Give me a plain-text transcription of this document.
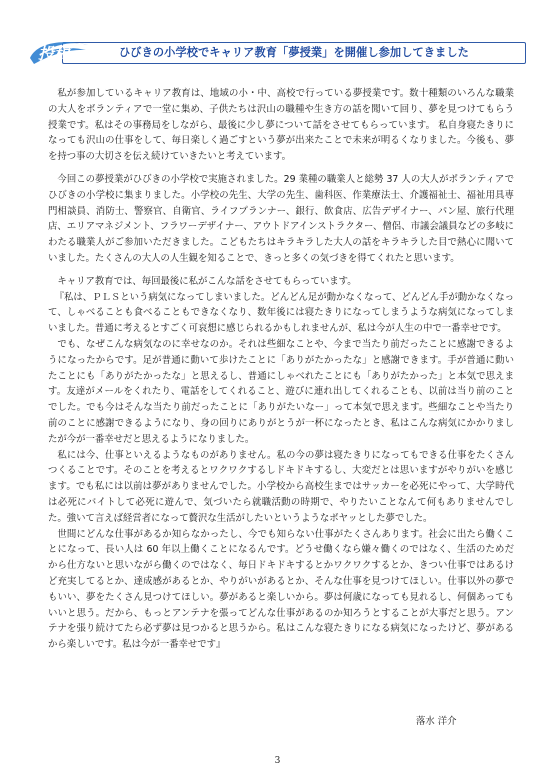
ひびきの小学校でキャリア教育「夢授業」を開催し参加してきました
投稿

私が参加しているキャリア教育は、地域の小・中、高校で行っている夢授業です。数十種類のいろんな職業の大人をボランティアで一堂に集め、子供たちは沢山の職種や生き方の話を聞いて回り、夢を見つけてもらう授業です。私はその事務局をしながら、最後に少し夢について話をさせてもらっています。 私自身寝たきりになっても沢山の仕事をして、毎日楽しく過ごすという夢が出来たことで未来が明るくなりました。今後も、夢を持つ事の大切さを伝え続けていきたいと考えています。

今回この夢授業がひびきの小学校で実施されました。29 業種の職業人と総勢 37 人の大人がボランティアでひびきの小学校に集まりました。小学校の先生、大学の先生、歯科医、作業療法士、介護福祉士、福祉用具専門相談員、消防士、警察官、自衛官、ライフプランナー、銀行、飲食店、広告デザイナー、パン屋、旅行代理店、エリアマネジメント、フラワーデザイナー、アウトドアインストラクター、僧侶、市議会議員などの多岐にわたる職業人がご参加いただきました。こどもたちはキラキラした大人の話をキラキラした目で熱心に聞いていました。たくさんの大人の人生観を知ることで、きっと多くの気づきを得てくれたと思います。

キャリア教育では、毎回最後に私がこんな話をさせてもらっています。

『私は、ＰＬＳという病気になってしまいました。どんどん足が動かなくなって、どんどん手が動かなくなって、しゃべることも食べることもできなくなり、数年後には寝たきりになってしまうような病気になってしまいました。普通に考えるとすごく可哀想に感じられるかもしれませんが、私は今が人生の中で一番幸せです。

でも、なぜこんな病気なのに幸せなのか。それは些細なことや、今まで当たり前だったことに感謝できるようになったからです。足が普通に動いて歩けたことに「ありがたかったな」と感謝できます。手が普通に動いたことにも「ありがたかったな」と思えるし、普通にしゃべれたことにも「ありがたかった」と本気で思えます。友達がメールをくれたり、電話をしてくれること、遊びに連れ出してくれることも、以前は当り前のことでした。でも今はそんな当たり前だったことに「ありがたいなー」って本気で思えます。些細なことや当たり前のことに感謝できるようになり、身の回りにありがとうが一杯になったとき、私はこんな病気にかかりましたが今が一番幸せだと思えるようになりました。

私には今、仕事といえるようなものがありません。私の今の夢は寝たきりになってもできる仕事をたくさんつくることです。そのことを考えるとワクワクするしドキドキするし、大変だとは思いますがやりがいを感じます。でも私には以前は夢がありませんでした。小学校から高校生まではサッカーを必死にやって、大学時代は必死にバイトして必死に遊んで、気づいたら就職活動の時期で、やりたいことなんて何もありませんでした。強いて言えば経営者になって贅沢な生活がしたいというようなボヤッとした夢でした。

世間にどんな仕事があるか知らなかったし、今でも知らない仕事がたくさんあります。社会に出たら働くことになって、長い人は 60 年以上働くことになるんです。どうせ働くなら嫌々働くのではなく、生活のためだから仕方ないと思いながら働くのではなく、毎日ドキドキするとかワクワクするとか、きつい仕事ではあるけど充実してるとか、達成感があるとか、やりがいがあるとか、そんな仕事を見つけてほしい。仕事以外の夢でもいい、夢をたくさん見つけてほしい。夢があると楽しいから。夢は何歳になっても見れるし、何個あってもいいと思う。だから、もっとアンテナを張ってどんな仕事があるのか知ろうとすることが大事だと思う。アンテナを張り続けてたら必ず夢は見つかると思うから。私はこんな寝たきりになる病気になったけど、夢があるから楽しいです。私は今が一番幸せです』

落水 洋介
3
